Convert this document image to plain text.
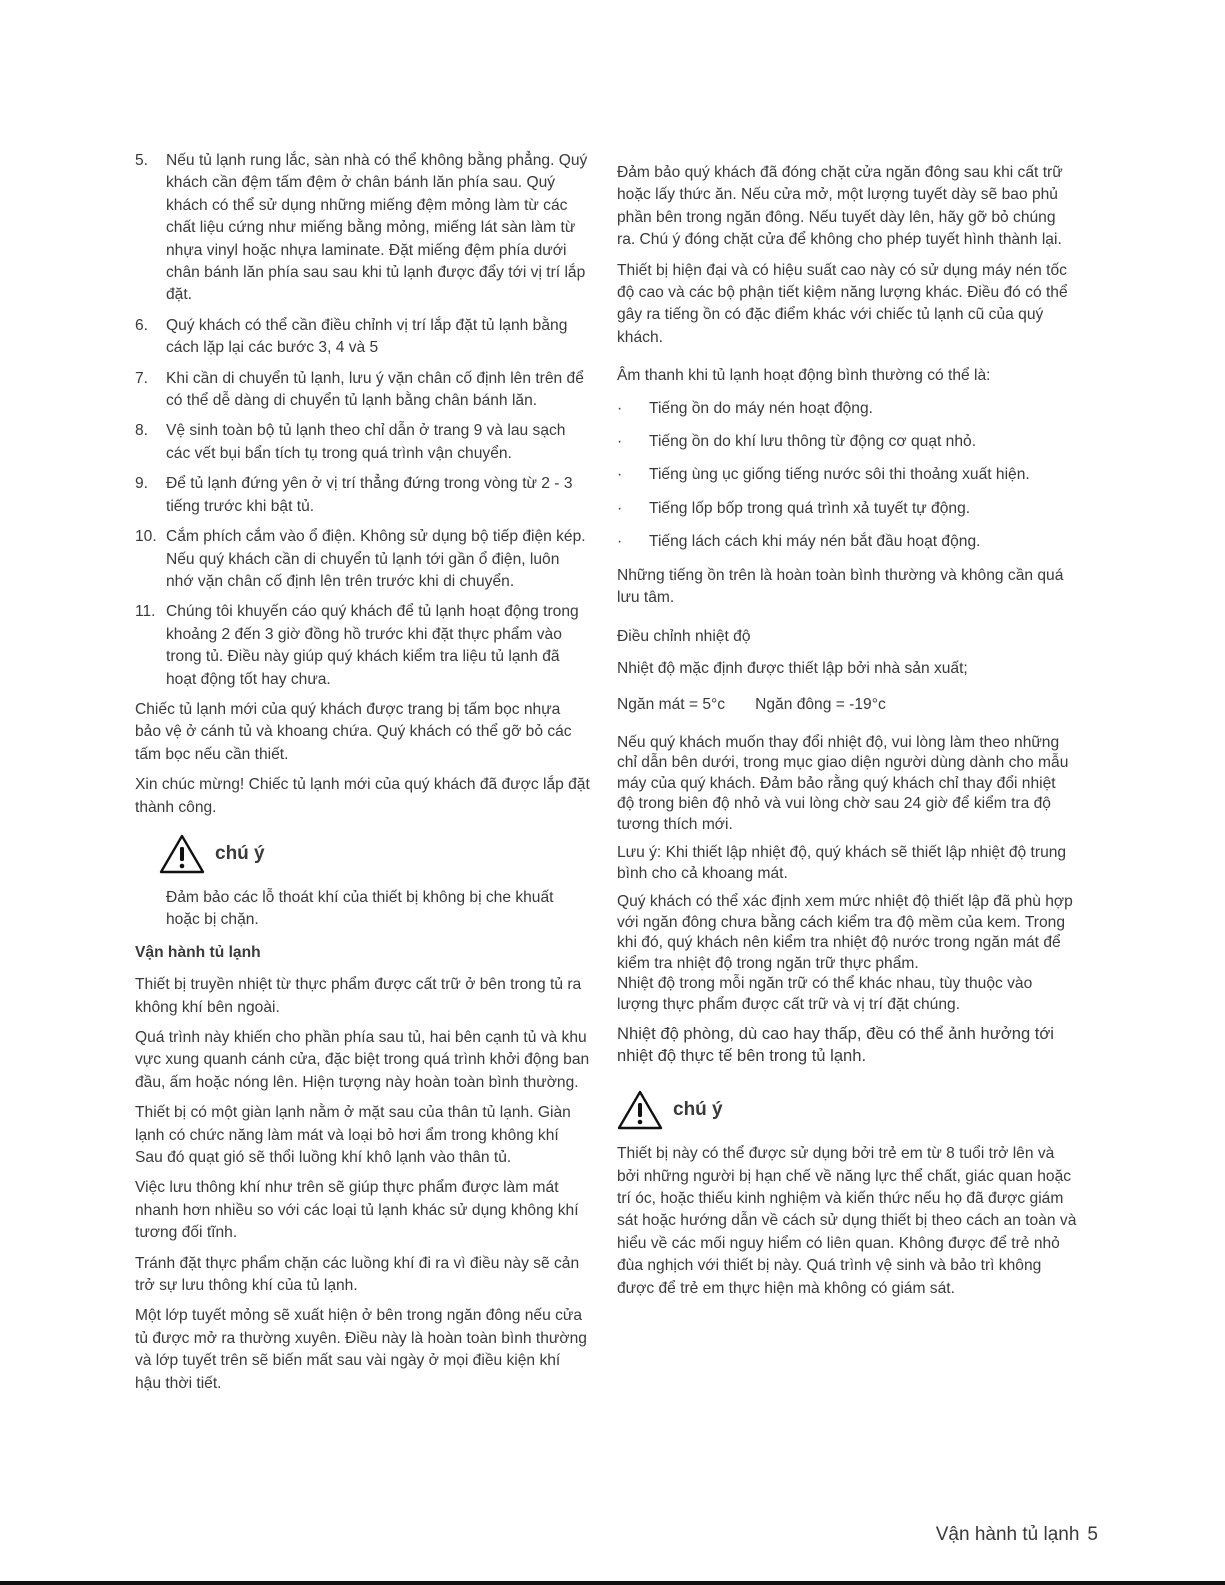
5.	Nếu tủ lạnh rung lắc, sàn nhà có thể không bằng phẳng. Quý khách cần đệm tấm đệm ở chân bánh lăn phía sau. Quý khách có thể sử dụng những miếng đệm mỏng làm từ các chất liệu cứng như miếng bằng mỏng, miếng lát sàn làm từ nhựa vinyl hoặc nhựa laminate. Đặt miếng đệm phía dưới chân bánh lăn phía sau sau khi tủ lạnh được đẩy tới vị trí lắp đặt.
6.	Quý khách có thể cần điều chỉnh vị trí lắp đặt tủ lạnh bằng cách lặp lại các bước 3, 4 và 5
7.	Khi cần di chuyển tủ lạnh, lưu ý vặn chân cố định lên trên để có thể dễ dàng di chuyển tủ lạnh bằng chân bánh lăn.
8.	Vệ sinh toàn bộ tủ lạnh theo chỉ dẫn ở trang 9 và lau sạch các vết bụi bẩn tích tụ trong quá trình vận chuyển.
9.	Để tủ lạnh đứng yên ở vị trí thẳng đứng trong vòng từ 2 - 3 tiếng trước khi bật tủ.
10. Cắm phích cắm vào ổ điện. Không sử dụng bộ tiếp điện kép. Nếu quý khách cần di chuyển tủ lạnh tới gần ổ điện, luôn nhớ vặn chân cố định lên trên trước khi di chuyển.
11. Chúng tôi khuyến cáo quý khách để tủ lạnh hoạt động trong khoảng 2 đến 3 giờ đồng hồ trước khi đặt thực phẩm vào trong tủ. Điều này giúp quý khách kiểm tra liệu tủ lạnh đã hoạt động tốt hay chưa.

Chiếc tủ lạnh mới của quý khách được trang bị tấm bọc nhựa bảo vệ ở cánh tủ và khoang chứa. Quý khách có thể gỡ bỏ các tấm bọc nếu cần thiết.

Xin chúc mừng! Chiếc tủ lạnh mới của quý khách đã được lắp đặt thành công.

chú ý

Đảm bảo các lỗ thoát khí của thiết bị không bị che khuất hoặc bị chặn.

Vận hành tủ lạnh

Thiết bị truyền nhiệt từ thực phẩm được cất trữ ở bên trong tủ ra không khí bên ngoài.

Quá trình này khiến cho phần phía sau tủ, hai bên cạnh tủ và khu vực xung quanh cánh cửa, đặc biệt trong quá trình khởi động ban đầu, ấm hoặc nóng lên. Hiện tượng này hoàn toàn bình thường.

Thiết bị có một giàn lạnh nằm ở mặt sau của thân tủ lạnh. Giàn lạnh có chức năng làm mát và loại bỏ hơi ẩm trong không khí Sau đó quạt gió sẽ thổi luồng khí khô lạnh vào thân tủ.

Việc lưu thông khí như trên sẽ giúp thực phẩm được làm mát nhanh hơn nhiều so với các loại tủ lạnh khác sử dụng không khí tương đối tĩnh.

Tránh đặt thực phẩm chặn các luồng khí đi ra vì điều này sẽ cản trở sự lưu thông khí của tủ lạnh.

Một lớp tuyết mỏng sẽ xuất hiện ở bên trong ngăn đông nếu cửa tủ được mở ra thường xuyên. Điều này là hoàn toàn bình thường và lớp tuyết trên sẽ biến mất sau vài ngày ở mọi điều kiện khí hậu thời tiết.

Đảm bảo quý khách đã đóng chặt cửa ngăn đông sau khi cất trữ hoặc lấy thức ăn. Nếu cửa mở, một lượng tuyết dày sẽ bao phủ phần bên trong ngăn đông. Nếu tuyết dày lên, hãy gỡ bỏ chúng ra. Chú ý đóng chặt cửa để không cho phép tuyết hình thành lại.

Thiết bị hiện đại và có hiệu suất cao này có sử dụng máy nén tốc độ cao và các bộ phận tiết kiệm năng lượng khác. Điều đó có thể gây ra tiếng ồn có đặc điểm khác với chiếc tủ lạnh cũ của quý khách.

Âm thanh khi tủ lạnh hoạt động bình thường có thể là:

·	Tiếng ồn do máy nén hoạt động.
·	Tiếng ồn do khí lưu thông từ động cơ quạt nhỏ.
·	Tiếng ùng ục giống tiếng nước sôi thi thoảng xuất hiện.
·	Tiếng lốp bốp trong quá trình xả tuyết tự động.
·	Tiếng lách cách khi máy nén bắt đầu hoạt động.

Những tiếng ồn trên là hoàn toàn bình thường và không cần quá lưu tâm.

Điều chỉnh nhiệt độ

Nhiệt độ mặc định được thiết lập bởi nhà sản xuất;

Ngăn mát = 5°c Ngăn đông = -19°c

Nếu quý khách muốn thay đổi nhiệt độ, vui lòng làm theo những chỉ dẫn bên dưới, trong mục giao diện người dùng dành cho mẫu máy của quý khách. Đảm bảo rằng quý khách chỉ thay đổi nhiệt độ trong biên độ nhỏ và vui lòng chờ sau 24 giờ để kiểm tra độ tương thích mới.

Lưu ý: Khi thiết lập nhiệt độ, quý khách sẽ thiết lập nhiệt độ trung bình cho cả khoang mát.

Quý khách có thể xác định xem mức nhiệt độ thiết lập đã phù hợp với ngăn đông chưa bằng cách kiểm tra độ mềm của kem. Trong khi đó, quý khách nên kiểm tra nhiệt độ nước trong ngăn mát để kiểm tra nhiệt độ trong ngăn trữ thực phẩm.

Nhiệt độ trong mỗi ngăn trữ có thể khác nhau, tùy thuộc vào lượng thực phẩm được cất trữ và vị trí đặt chúng.

Nhiệt độ phòng, dù cao hay thấp, đều có thể ảnh hưởng tới nhiệt độ thực tế bên trong tủ lạnh.

chú ý

Thiết bị này có thể được sử dụng bởi trẻ em từ 8 tuổi trở lên và bởi những người bị hạn chế về năng lực thể chất, giác quan hoặc trí óc, hoặc thiếu kinh nghiệm và kiến thức nếu họ đã được giám sát hoặc hướng dẫn về cách sử dụng thiết bị theo cách an toàn và hiểu về các mối nguy hiểm có liên quan. Không được để trẻ nhỏ đùa nghịch với thiết bị này. Quá trình vệ sinh và bảo trì không được để trẻ em thực hiện mà không có giám sát.

Vận hành tủ lạnh 5
